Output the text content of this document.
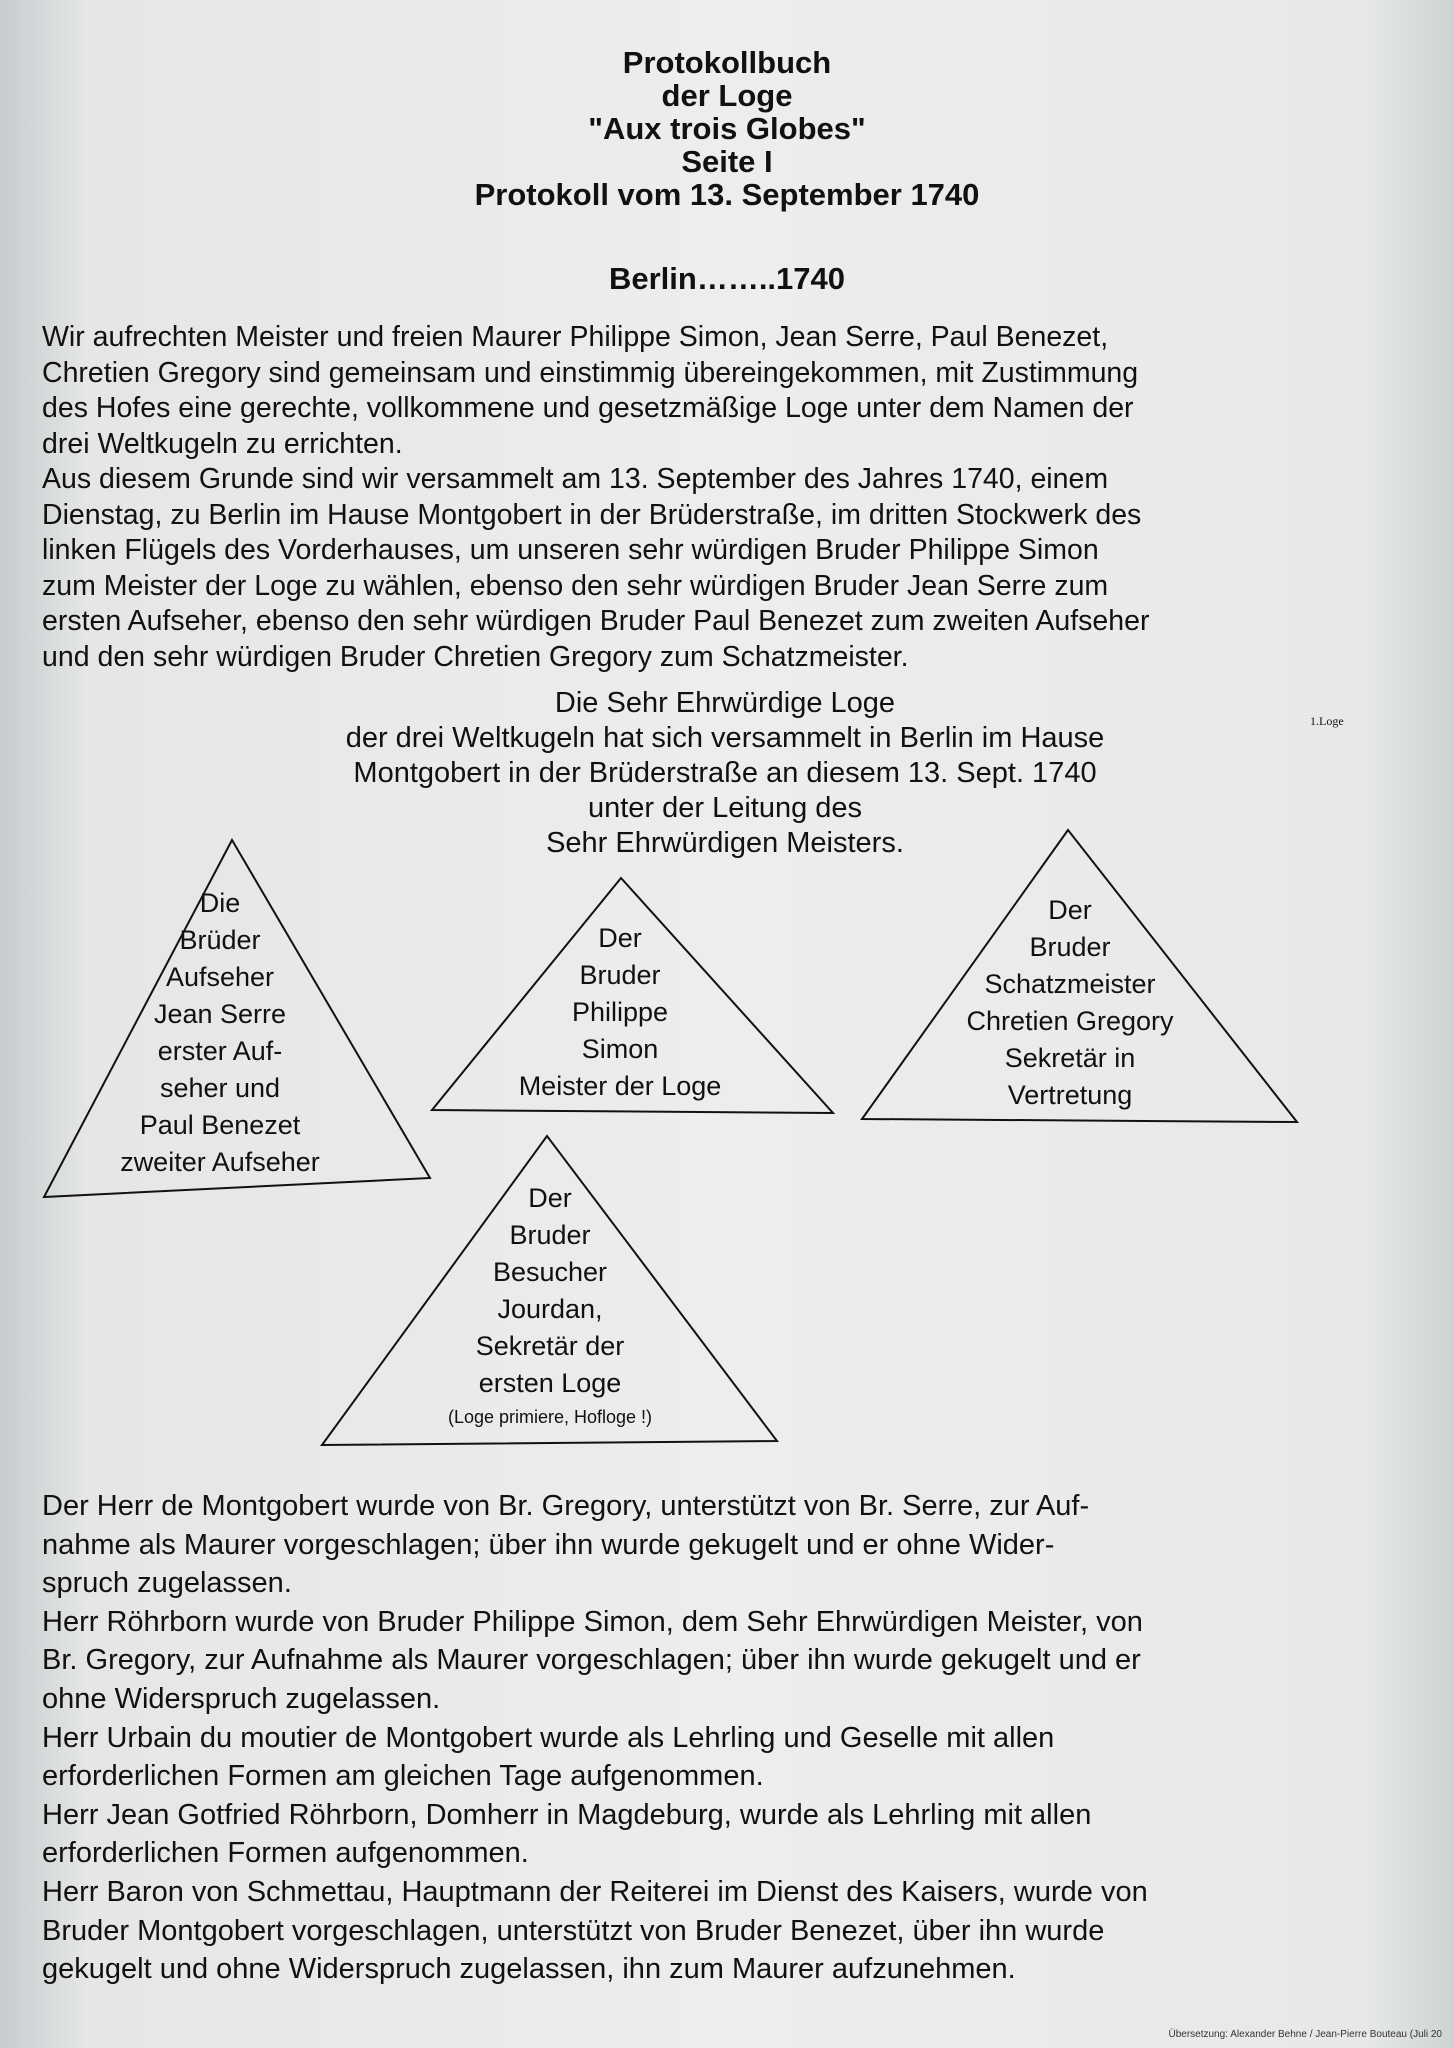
Protokollbuch
der Loge
"Aux trois Globes"
Seite I
Protokoll vom 13. September 1740
Berlin……..1740
Wir aufrechten Meister und freien Maurer Philippe Simon, Jean Serre, Paul Benezet,
Chretien Gregory sind gemeinsam und einstimmig übereingekommen, mit Zustimmung
des Hofes eine gerechte, vollkommene und gesetzmäßige Loge unter dem Namen der
drei Weltkugeln zu errichten.
Aus diesem Grunde sind wir versammelt am 13. September des Jahres 1740, einem
Dienstag, zu Berlin im Hause Montgobert in der Brüderstraße, im dritten Stockwerk des
linken Flügels des Vorderhauses, um unseren sehr würdigen Bruder Philippe Simon
zum Meister der Loge zu wählen, ebenso den sehr würdigen Bruder Jean Serre zum
ersten Aufseher, ebenso den sehr würdigen Bruder Paul Benezet zum zweiten Aufseher
und den sehr würdigen Bruder Chretien Gregory zum Schatzmeister.
Die Sehr Ehrwürdige Loge
der drei Weltkugeln hat sich versammelt in Berlin im Hause
Montgobert in der Brüderstraße an diesem 13. Sept. 1740
unter der Leitung des
Sehr Ehrwürdigen Meisters.
1.Loge
Die
Brüder
Aufseher
Jean Serre
erster Auf-
seher und
Paul Benezet
zweiter Aufseher
Der
Bruder
Philippe
Simon
Meister der Loge
Der
Bruder
Schatzmeister
Chretien Gregory
Sekretär in
Vertretung
Der
Bruder
Besucher
Jourdan,
Sekretär der
ersten Loge
(Loge primiere, Hofloge !)
Der Herr de Montgobert wurde von Br. Gregory, unterstützt von Br. Serre, zur Auf-
nahme als Maurer vorgeschlagen; über ihn wurde gekugelt und er ohne Wider-
spruch zugelassen.
Herr Röhrborn wurde von Bruder Philippe Simon, dem Sehr Ehrwürdigen Meister, von
Br. Gregory, zur Aufnahme als Maurer vorgeschlagen; über ihn wurde gekugelt und er
ohne Widerspruch zugelassen.
Herr Urbain du moutier de Montgobert wurde als Lehrling und Geselle mit allen
erforderlichen Formen am gleichen Tage aufgenommen.
Herr Jean Gotfried Röhrborn, Domherr in Magdeburg, wurde als Lehrling mit allen
erforderlichen Formen aufgenommen.
Herr Baron von Schmettau, Hauptmann der Reiterei im Dienst des Kaisers, wurde von
Bruder Montgobert vorgeschlagen, unterstützt von Bruder Benezet, über ihn wurde
gekugelt und ohne Widerspruch zugelassen, ihn zum Maurer aufzunehmen.
Übersetzung: Alexander Behne / Jean-Pierre Bouteau (Juli 20
